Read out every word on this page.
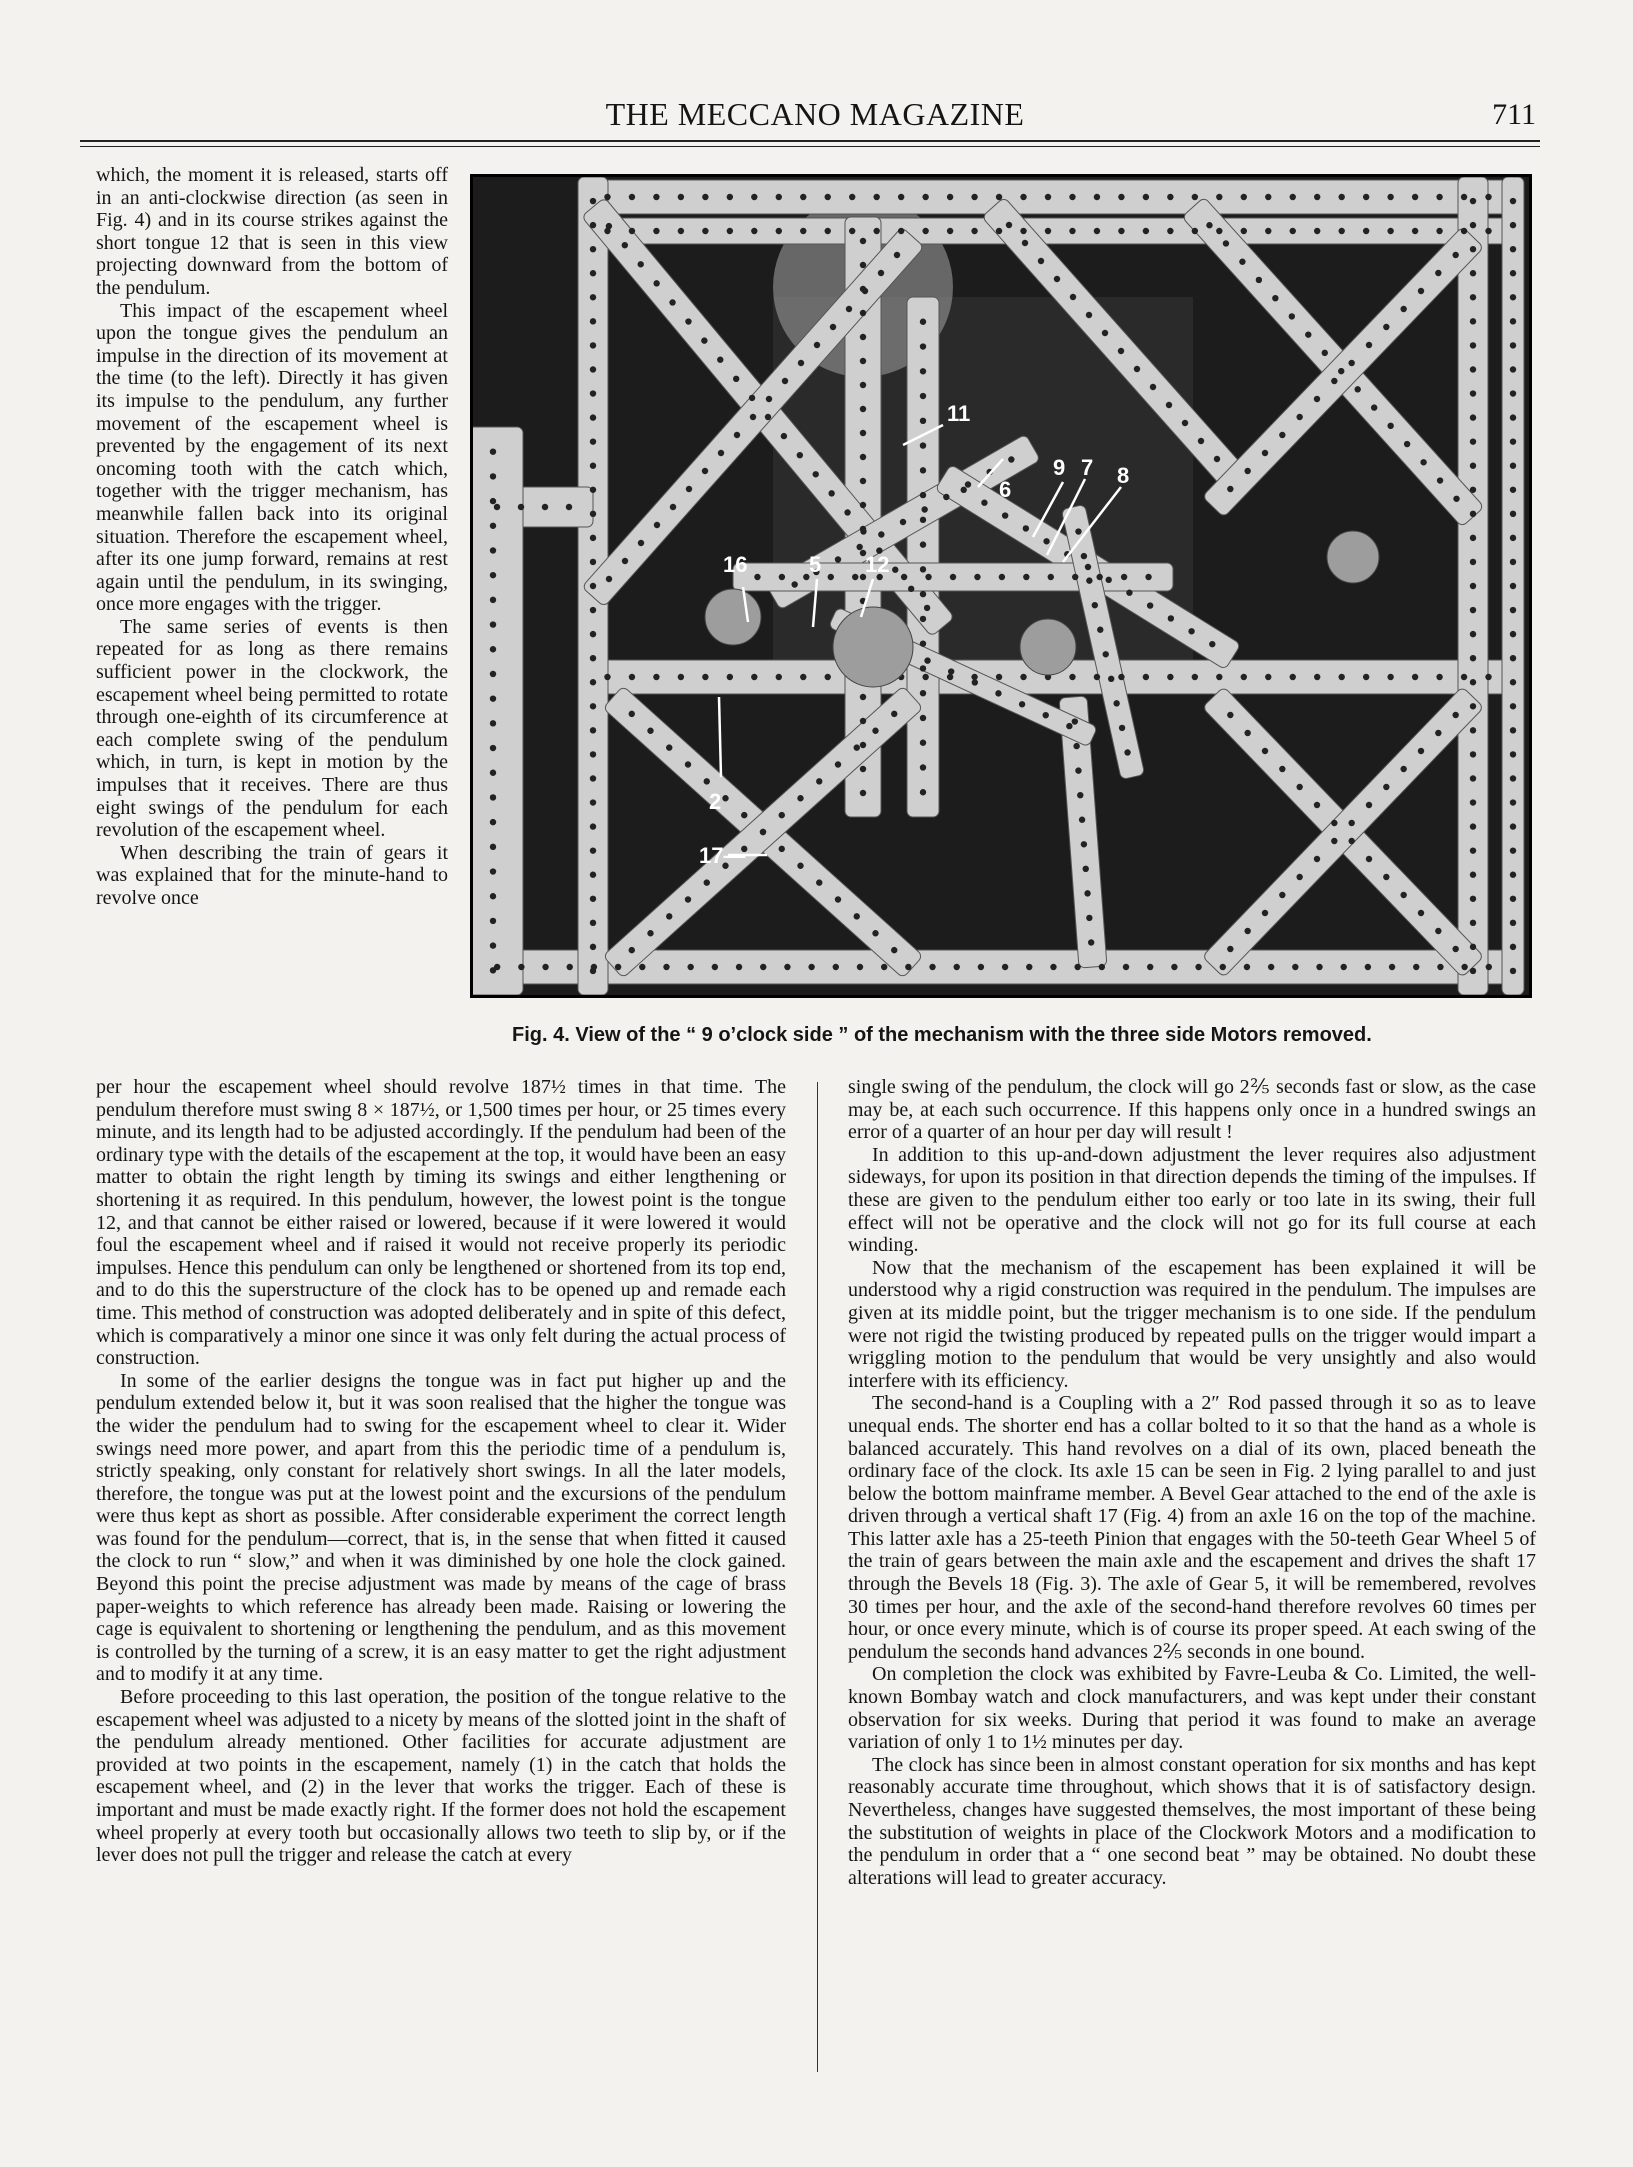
THE MECCANO MAGAZINE	711

which, the moment it is released, starts off in an anti-clockwise direction (as seen in Fig. 4) and in its course strikes against the short tongue 12 that is seen in this view projecting downward from the bottom of the pendulum.

This impact of the escapement wheel upon the tongue gives the pendulum an impulse in the direction of its movement at the time (to the left). Directly it has given its impulse to the pendulum, any further movement of the escapement wheel is prevented by the engagement of its next oncoming tooth with the catch which, together with the trigger mechanism, has meanwhile fallen back into its original situation. Therefore the escapement wheel, after its one jump forward, remains at rest again until the pendulum, in its swinging, once more engages with the trigger.

The same series of events is then repeated for as long as there remains sufficient power in the clockwork, the escapement wheel being permitted to rotate through one-eighth of its circumference at each complete swing of the pendulum which, in turn, is kept in motion by the impulses that it receives. There are thus eight swings of the pendulum for each revolution of the escapement wheel.

When describing the train of gears it was explained that for the minute-hand to revolve once

16	5 12
11
9 7 8
6
2
17—
Fig. 4. View of the “ 9 o’clock side ” of the mechanism with the three side Motors removed.

per hour the escapement wheel should revolve 187½ times in that time. The pendulum therefore must swing 8 × 187½, or 1,500 times per hour, or 25 times every minute, and its length had to be adjusted accordingly. If the pendulum had been of the ordinary type with the details of the escapement at the top, it would have been an easy matter to obtain the right length by timing its swings and either lengthening or shortening it as required. In this pendulum, however, the lowest point is the tongue 12, and that cannot be either raised or lowered, because if it were lowered it would foul the escapement wheel and if raised it would not receive properly its periodic impulses. Hence this pendulum can only be lengthened or shortened from its top end, and to do this the superstructure of the clock has to be opened up and remade each time. This method of construction was adopted deliberately and in spite of this defect, which is comparatively a minor one since it was only felt during the actual process of construction.

In some of the earlier designs the tongue was in fact put higher up and the pendulum extended below it, but it was soon realised that the higher the tongue was the wider the pendulum had to swing for the escapement wheel to clear it. Wider swings need more power, and apart from this the periodic time of a pendulum is, strictly speaking, only constant for relatively short swings. In all the later models, therefore, the tongue was put at the lowest point and the excursions of the pendulum were thus kept as short as possible. After considerable experiment the correct length was found for the pendulum—correct, that is, in the sense that when fitted it caused the clock to run “ slow,” and when it was diminished by one hole the clock gained. Beyond this point the precise adjustment was made by means of the cage of brass paper-weights to which reference has already been made. Raising or lowering the cage is equivalent to shortening or lengthening the pendulum, and as this movement is controlled by the turning of a screw, it is an easy matter to get the right adjustment and to modify it at any time.

Before proceeding to this last operation, the position of the tongue relative to the escapement wheel was adjusted to a nicety by means of the slotted joint in the shaft of the pendulum already mentioned. Other facilities for accurate adjustment are provided at two points in the escapement, namely (1) in the catch that holds the escapement wheel, and (2) in the lever that works the trigger. Each of these is important and must be made exactly right. If the former does not hold the escapement wheel properly at every tooth but occasionally allows two teeth to slip by, or if the lever does not pull the trigger and release the catch at every

single swing of the pendulum, the clock will go 2⅖ seconds fast or slow, as the case may be, at each such occurrence. If this happens only once in a hundred swings an error of a quarter of an hour per day will result !

In addition to this up-and-down adjustment the lever requires also adjustment sideways, for upon its position in that direction depends the timing of the impulses. If these are given to the pendulum either too early or too late in its swing, their full effect will not be operative and the clock will not go for its full course at each winding.

Now that the mechanism of the escapement has been explained it will be understood why a rigid construction was required in the pendulum. The impulses are given at its middle point, but the trigger mechanism is to one side. If the pendulum were not rigid the twisting produced by repeated pulls on the trigger would impart a wriggling motion to the pendulum that would be very unsightly and also would interfere with its efficiency.

The second-hand is a Coupling with a 2″ Rod passed through it so as to leave unequal ends. The shorter end has a collar bolted to it so that the hand as a whole is balanced accurately. This hand revolves on a dial of its own, placed beneath the ordinary face of the clock. Its axle 15 can be seen in Fig. 2 lying parallel to and just below the bottom mainframe member. A Bevel Gear attached to the end of the axle is driven through a vertical shaft 17 (Fig. 4) from an axle 16 on the top of the machine. This latter axle has a 25-teeth Pinion that engages with the 50-teeth Gear Wheel 5 of the train of gears between the main axle and the escapement and drives the shaft 17 through the Bevels 18 (Fig. 3). The axle of Gear 5, it will be remembered, revolves 30 times per hour, and the axle of the second-hand therefore revolves 60 times per hour, or once every minute, which is of course its proper speed. At each swing of the pendulum the seconds hand advances 2⅖ seconds in one bound.

On completion the clock was exhibited by Favre-Leuba & Co. Limited, the well-known Bombay watch and clock manufacturers, and was kept under their constant observation for six weeks. During that period it was found to make an average variation of only 1 to 1½ minutes per day.

The clock has since been in almost constant operation for six months and has kept reasonably accurate time throughout, which shows that it is of satisfactory design. Nevertheless, changes have suggested themselves, the most important of these being the substitution of weights in place of the Clockwork Motors and a modification to the pendulum in order that a “ one second beat ” may be obtained. No doubt these alterations will lead to greater accuracy.
